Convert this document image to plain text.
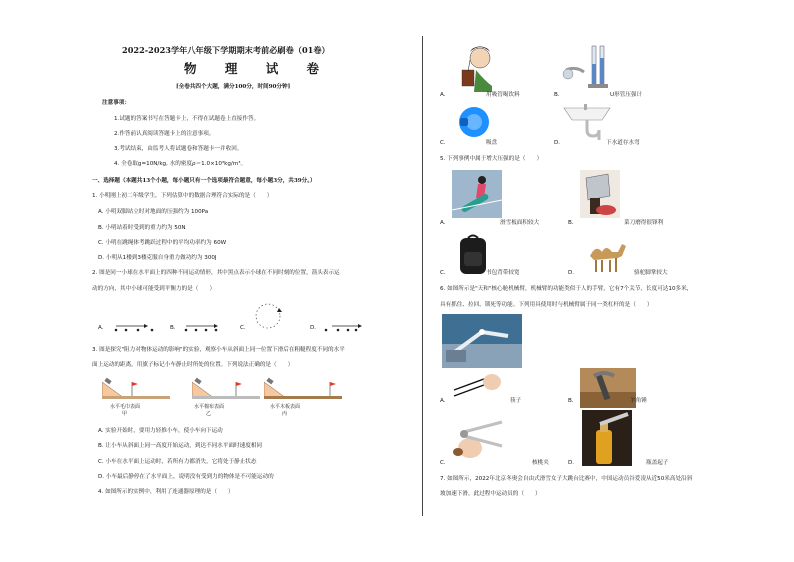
2022-2023学年八年级下学期期末考前必刷卷（01卷）
物 理 试 卷
[全卷共四个大题，满分100分，时间90分钟]
注意事项：
1.试题的答案书写在答题卡上，不得在试题卷上直接作答。
2.作答前认真阅读答题卡上的注意事项。
3.考试结束，由监考人将试题卷和答题卡一并收回。
4. 全卷取g=10N/kg, 水的密度ρ＝1.0×10³kg/m³。
一、选择题（本题共13个小题，每小题只有一个选项最符合题意，每小题3分，共39分。）
1. 小明刚上初二年级学生，下列估算中的数据合理符合实际的是（　　）
A. 小明双脚站立时对地面的压强约为 100Pa
B. 小明站着时受到的重力约为 50N
C. 小明在跳绳体考跳跃过程中的平均功率约为 60W
D. 小明从1楼到3楼克服自身重力做功约为 300J
2. 图是同一小球在水平面上的四种不同运动情形，其中黑点表示小球在不同时刻的位置，箭头表示运
动的方向，其中小球可能受到平衡力的是（　　）
A.	B.	C.	D.
3. 图是探究"阻力对物体运动的影响"的实验，观察小车从斜面上同一位置下滑后在粗糙程度不同的水平
面上运动的距离，用旗子标记小车静止时所处的位置。下列说法正确的是（　　）
水平毛巾表面
甲
水平棉布表面
乙
水平木板表面
丙
A. 实验开始时，要用力轻推小车，使小车向下运动
B. 让小车从斜面上同一高度开始运动，到达不同水平面时速度相同
C. 小车在水平面上运动时，若所有力都消失，它将处于静止状态
D. 小车最后静停在了水平面上，说明没有受到力的物体是不可能运动的
4. 如图所示的实例中，利用了连通器原理的是（　　）
A.	用吸管喝饮料	B.	U形管压强计
C.	吸盘	D.	下水道存水弯
5. 下列事例中属于增大压强的是（　　）
A.	滑雪板面积较大	B.	菜刀磨得很锋利
C.	书包背带较宽	D.	骆驼脚掌较大
6. 如图所示是"天和"核心舱机械臂，机械臂的功能类似于人的手臂，它有7个关节，长度可达10多米，
具有抓住、拉回、锁死等功能。下列用具使用时与机械臂属于同一类杠杆的是（　　）
A.	筷子	B.	羊角锤
C.	核桃夹	D.	瓶盖起子
7. 如图所示，2022年北京冬奥会自由式滑雪女子大跳台比赛中，中国运动员谷爱凌从近50米高处沿斜
坡加速下滑，此过程中运动员的（　　）
